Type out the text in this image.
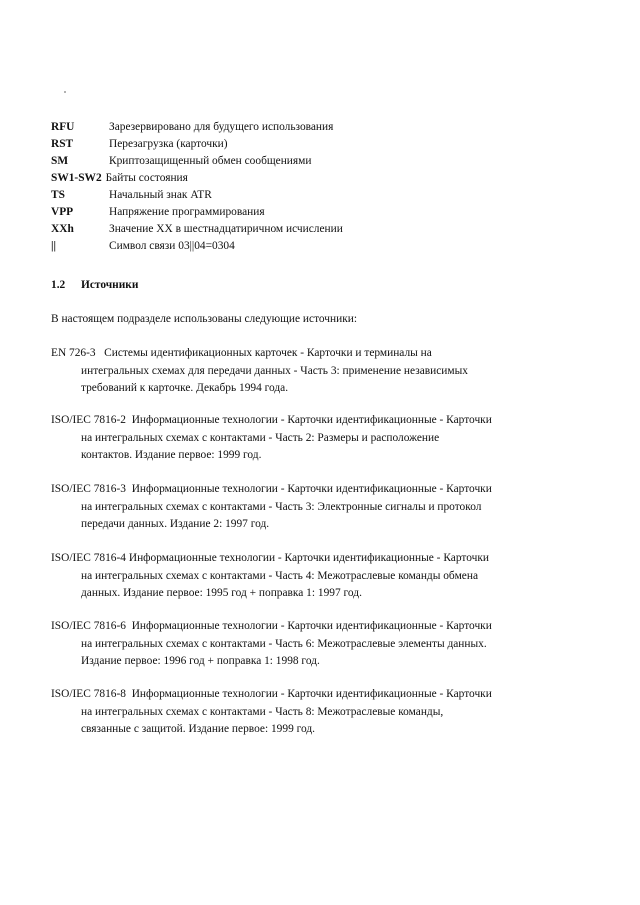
RFU	Зарезервировано для будущего использования
RST	Перезагрузка (карточки)
SM	Криптозащищенный обмен сообщениями
SW1-SW2 Байты состояния
TS	Начальный знак ATR
VPP	Напряжение программирования
XXh	Значение XX в шестнадцатиричном исчислении
||	Символ связи 03||04=0304
1.2 Источники
В настоящем подразделе использованы следующие источники:
EN 726-3 Системы идентификационных карточек - Карточки и терминалы на
интегральных схемах для передачи данных - Часть 3: применение независимых
требований к карточке. Декабрь 1994 года.
ISO/IEC 7816-2 Информационные технологии - Карточки идентификационные - Карточки
на интегральных схемах с контактами - Часть 2: Размеры и расположение
контактов. Издание первое: 1999 год.
ISO/IEC 7816-3 Информационные технологии - Карточки идентификационные - Карточки
на интегральных схемах с контактами - Часть 3: Электронные сигналы и протокол
передачи данных. Издание 2: 1997 год.
ISO/IEC 7816-4 Информационные технологии - Карточки идентификационные - Карточки
на интегральных схемах с контактами - Часть 4: Межотраслевые команды обмена
данных. Издание первое: 1995 год + поправка 1: 1997 год.
ISO/IEC 7816-6 Информационные технологии - Карточки идентификационные - Карточки
на интегральных схемах с контактами - Часть 6: Межотраслевые элементы данных.
Издание первое: 1996 год + поправка 1: 1998 год.
ISO/IEC 7816-8 Информационные технологии - Карточки идентификационные - Карточки
на интегральных схемах с контактами - Часть 8: Межотраслевые команды,
связанные с защитой. Издание первое: 1999 год.
